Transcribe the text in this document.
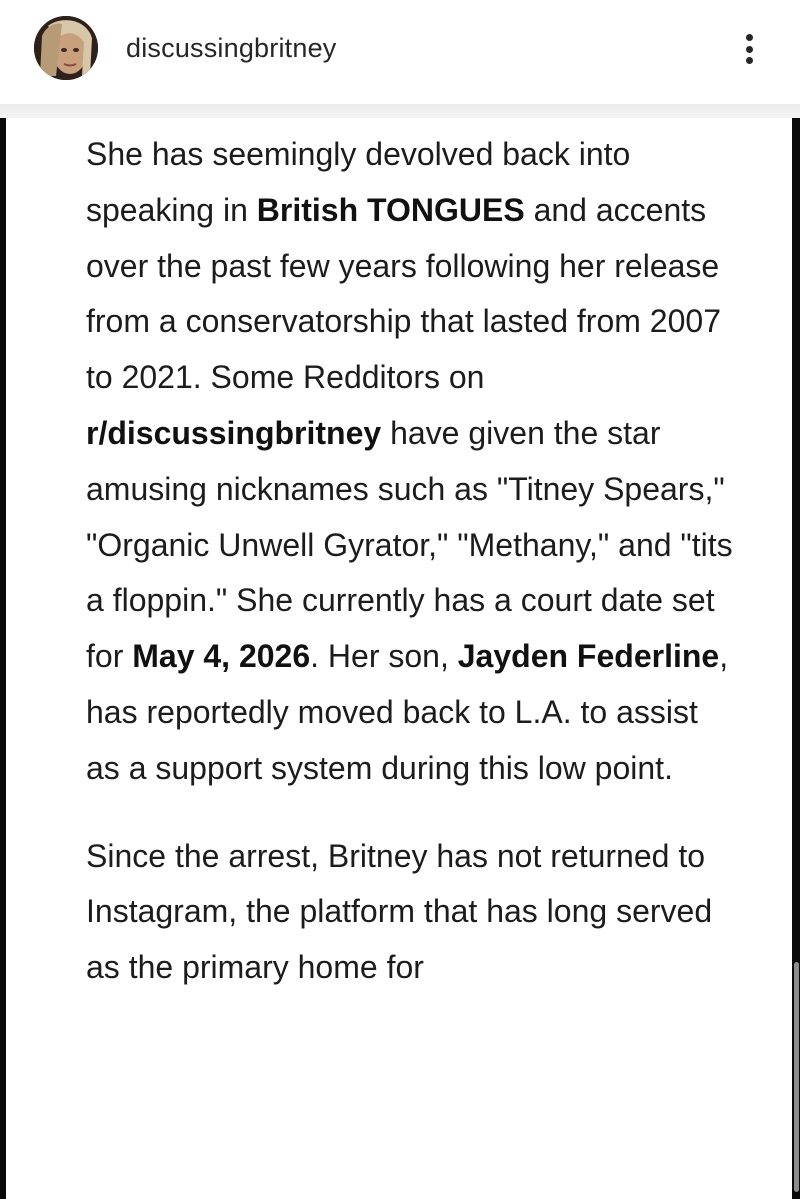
discussingbritney

She has seemingly devolved back into speaking in British TONGUES and accents over the past few years following her release from a conservatorship that lasted from 2007 to 2021. Some Redditors on r/discussingbritney have given the star amusing nicknames such as "Titney Spears," "Organic Unwell Gyrator," "Methany," and "tits a floppin." She currently has a court date set for May 4, 2026. Her son, Jayden Federline, has reportedly moved back to L.A. to assist as a support system during this low point.

Since the arrest, Britney has not returned to Instagram, the platform that has long served as the primary home for
